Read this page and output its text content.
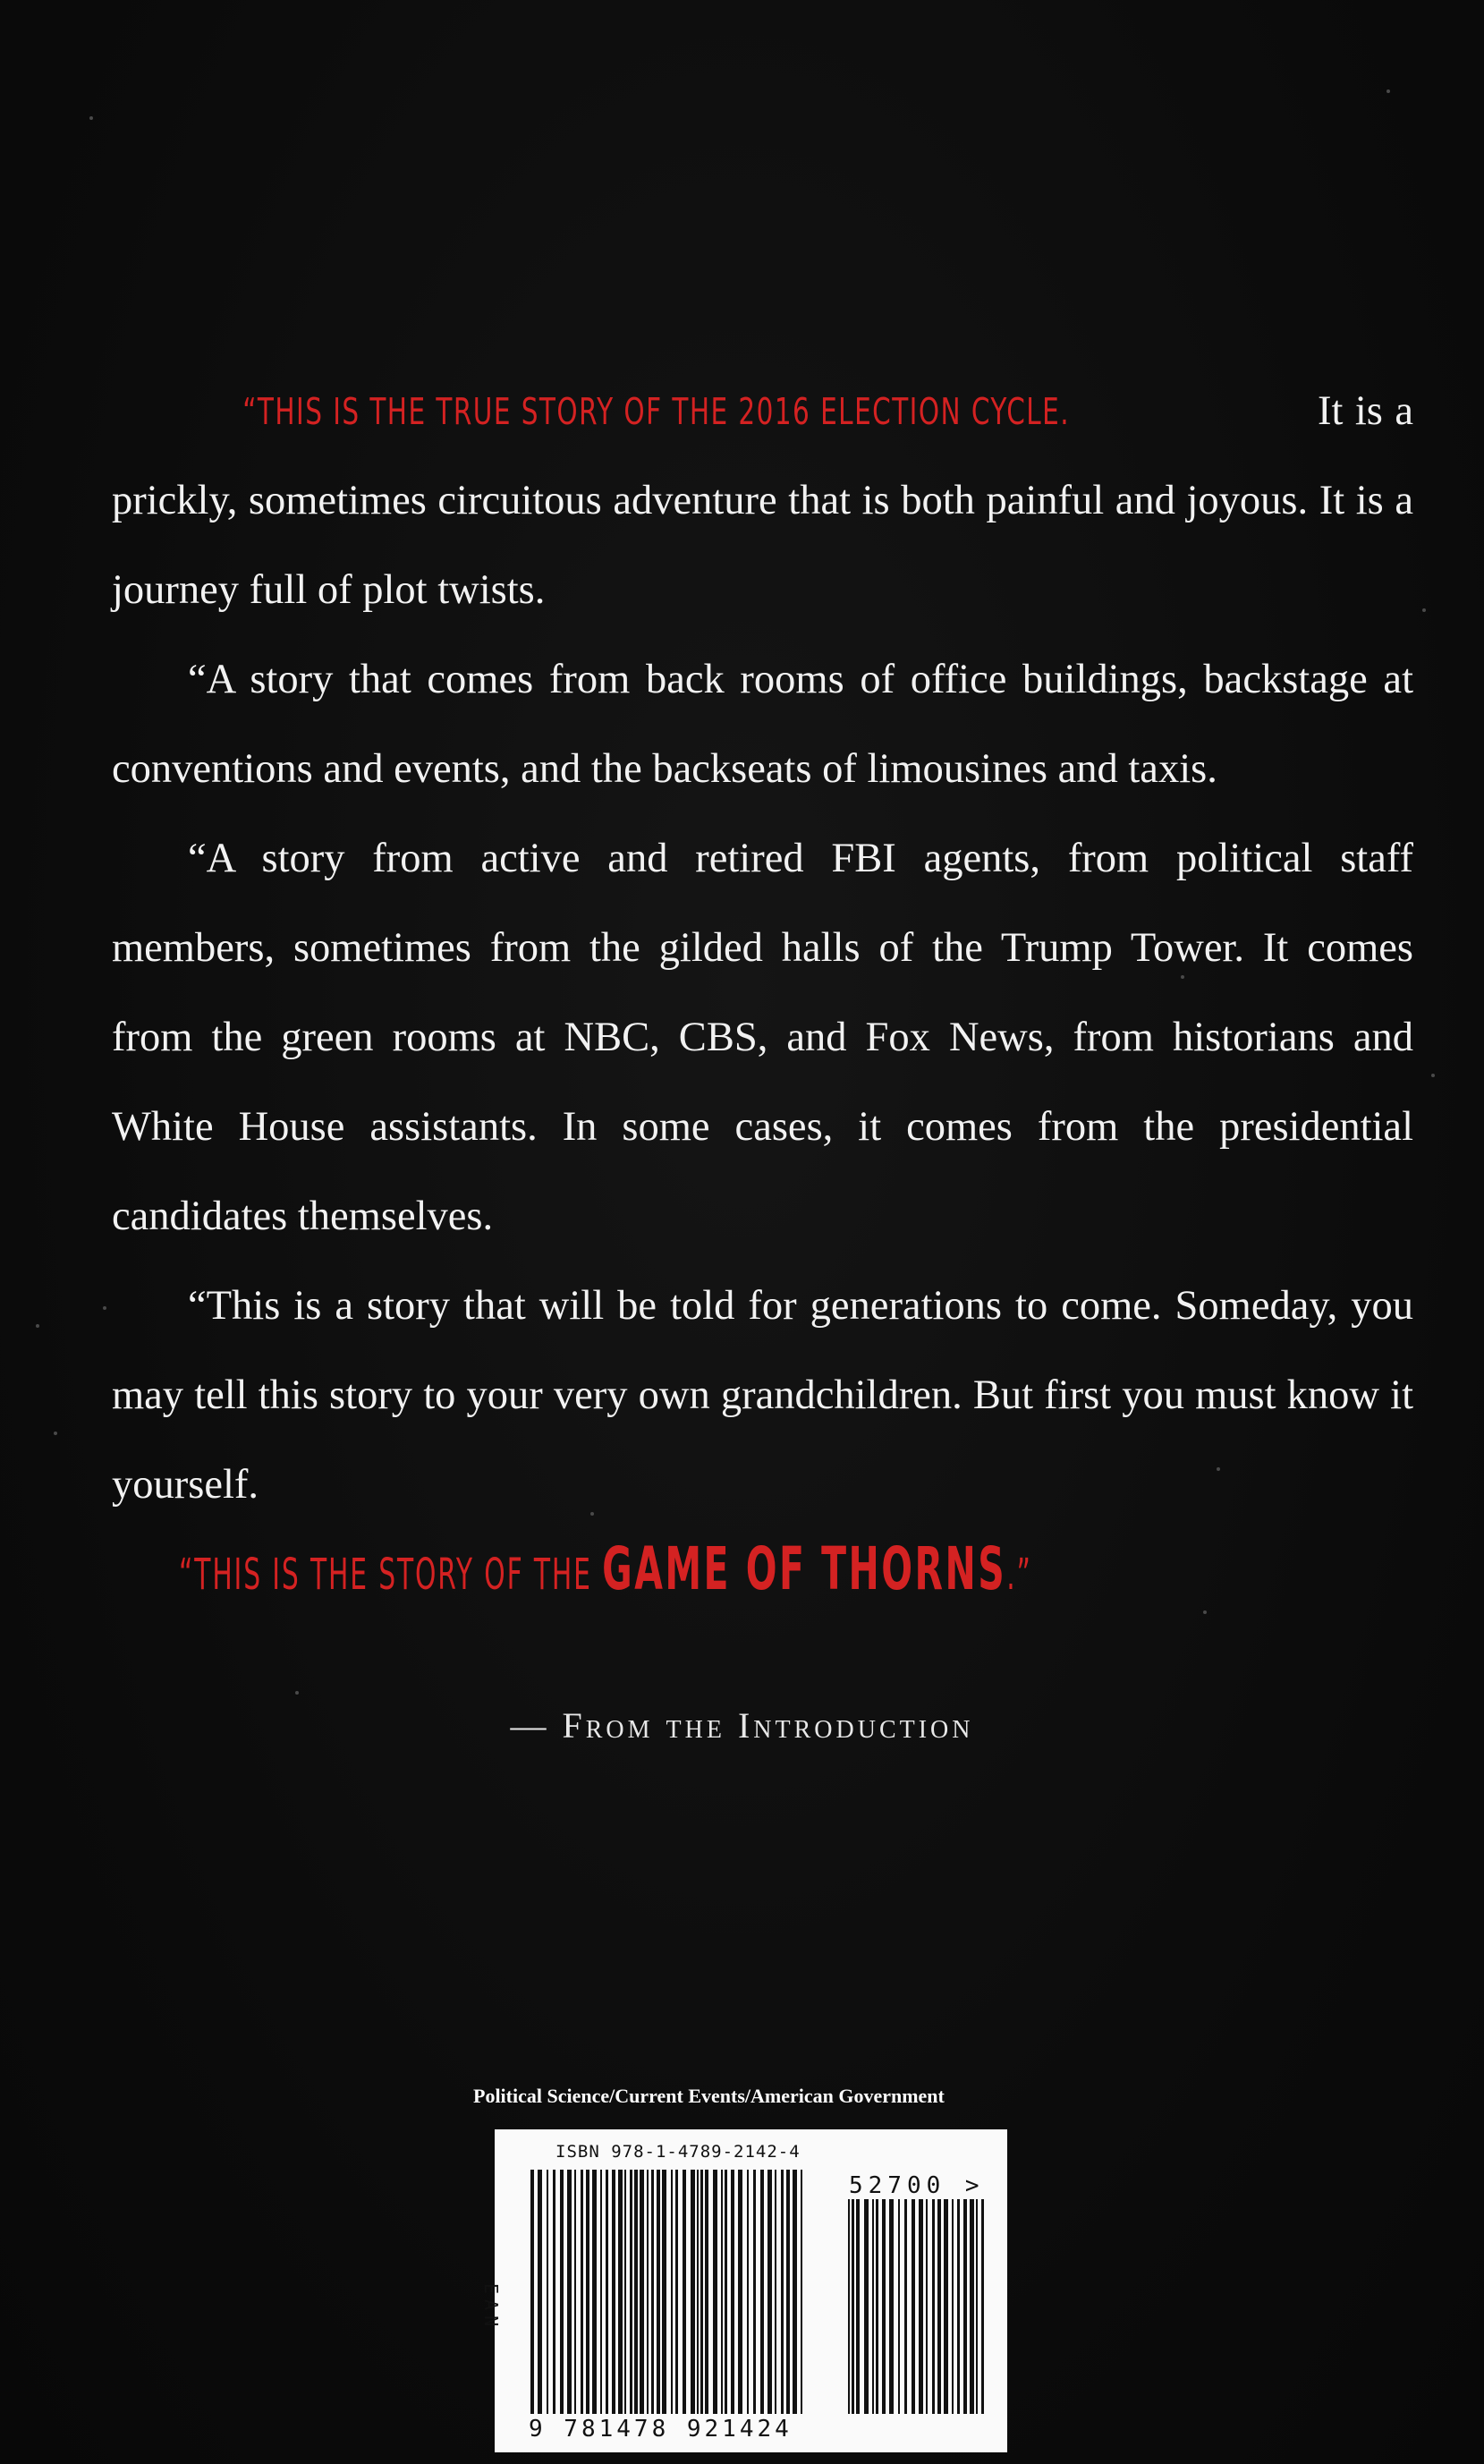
“THIS IS THE TRUE STORY OF THE 2016 ELECTION CYCLE.	It is a prickly, sometimes circuitous adventure that is both painful and joyous. It is a journey full of plot twists.

“A story that comes from back rooms of office buildings, backstage at conventions and events, and the backseats of limousines and taxis.

“A story from active and retired FBI agents, from political staff members, sometimes from the gilded halls of the Trump Tower. It comes from the green rooms at NBC, CBS, and Fox News, from historians and White House assistants. In some cases, it comes from the presidential candidates themselves.

“This is a story that will be told for generations to come. Someday, you may tell this story to your very own grandchildren. But first you must know it yourself.

“THIS IS THE STORY OF THE GAME OF THORNS.”
— From the Introduction
Political Science/Current Events/American Government
ISBN 978-1-4789-2142-4
52700 >
EAN
9 781478 921424
